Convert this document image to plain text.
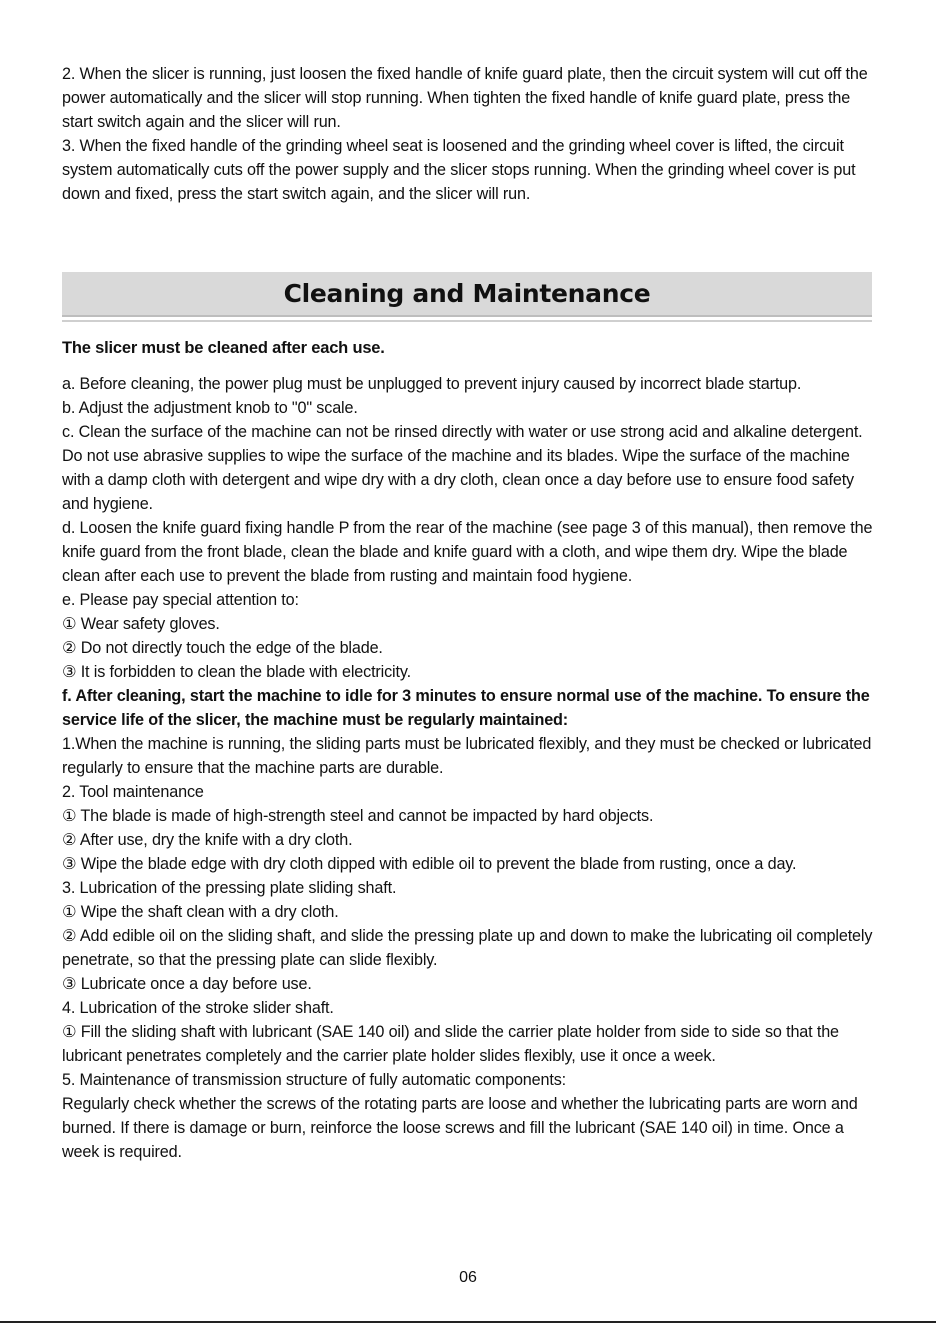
2. When the slicer is running, just loosen the fixed handle of knife guard plate, then the circuit system will cut off the power automatically and the slicer will stop running. When tighten the fixed handle of knife guard plate, press the start switch again and the slicer will run.

3. When the fixed handle of the grinding wheel seat is loosened and the grinding wheel cover is lifted, the circuit system automatically cuts off the power supply and the slicer stops running. When the grinding wheel cover is put down and fixed, press the start switch again, and the slicer will run.

Cleaning and Maintenance

The slicer must be cleaned after each use.

a. Before cleaning, the power plug must be unplugged to prevent injury caused by incorrect blade startup.

b. Adjust the adjustment knob to "0" scale.

c. Clean the surface of the machine can not be rinsed directly with water or use strong acid and alkaline detergent. Do not use abrasive supplies to wipe the surface of the machine and its blades. Wipe the surface of the machine with a damp cloth with detergent and wipe dry with a dry cloth, clean once a day before use to ensure food safety and hygiene.

d. Loosen the knife guard fixing handle P from the rear of the machine (see page 3 of this manual), then remove the knife guard from the front blade, clean the blade and knife guard with a cloth, and wipe them dry. Wipe the blade clean after each use to prevent the blade from rusting and maintain food hygiene.

e. Please pay special attention to:

① Wear safety gloves.

② Do not directly touch the edge of the blade.

③ It is forbidden to clean the blade with electricity.

f. After cleaning, start the machine to idle for 3 minutes to ensure normal use of the machine. To ensure the service life of the slicer, the machine must be regularly maintained:

1.When the machine is running, the sliding parts must be lubricated flexibly, and they must be checked or lubricated regularly to ensure that the machine parts are durable.

2. Tool maintenance

① The blade is made of high-strength steel and cannot be impacted by hard objects.

② After use, dry the knife with a dry cloth.

③ Wipe the blade edge with dry cloth dipped with edible oil to prevent the blade from rusting, once a day.

3. Lubrication of the pressing plate sliding shaft.

① Wipe the shaft clean with a dry cloth.

② Add edible oil on the sliding shaft, and slide the pressing plate up and down to make the lubricating oil completely penetrate, so that the pressing plate can slide flexibly.

③ Lubricate once a day before use.

4. Lubrication of the stroke slider shaft.

① Fill the sliding shaft with lubricant (SAE 140 oil) and slide the carrier plate holder from side to side so that the lubricant penetrates completely and the carrier plate holder slides flexibly, use it once a week.

5. Maintenance of transmission structure of fully automatic components:

Regularly check whether the screws of the rotating parts are loose and whether the lubricating parts are worn and burned. If there is damage or burn, reinforce the loose screws and fill the lubricant (SAE 140 oil) in time. Once a week is required.

06
